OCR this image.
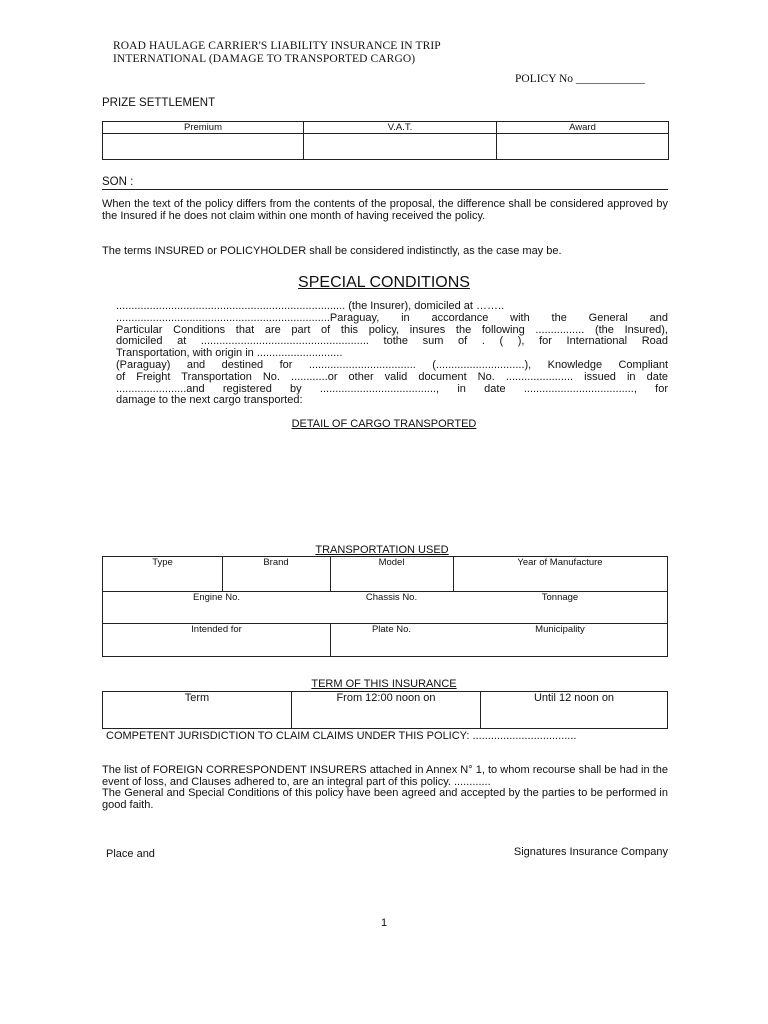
ROAD HAULAGE CARRIER'S LIABILITY INSURANCE IN TRIP
INTERNATIONAL (DAMAGE TO TRANSPORTED CARGO)
POLICY No ____________
PRIZE SETTLEMENT
Premium	V.A.T.	Award

SON :
When the text of the policy differs from the contents of the proposal, the difference shall be considered approved by the Insured if he does not claim within one month of having received the policy.
The terms INSURED or POLICYHOLDER shall be considered indistinctly, as the case may be.
SPECIAL CONDITIONS
........................................................................... (the Insurer), domiciled at ……..
......................................................................Paraguay, in accordance with the General and
Particular Conditions that are part of this policy, insures the following ................ (the Insured),
domiciled at ....................................................... tothe sum of . ( ), for International Road
Transportation, with origin in ............................
(Paraguay) and destined for ................................... (.............................), Knowledge Compliant
of Freight Transportation No. ............or other valid document No. ...................... issued in date
.......................and registered by ......................................, in date ...................................., for
damage to the next cargo transported:
DETAIL OF CARGO TRANSPORTED
TRANSPORTATION USED
Type	Brand	Model	Year of Manufacture
Engine No.	Chassis No.	Tonnage
Intended for	Plate No.	Municipality
TERM OF THIS INSURANCE
Term	From 12:00 noon on	Until 12 noon on
COMPETENT JURISDICTION TO CLAIM CLAIMS UNDER THIS POLICY: ..................................
The list of FOREIGN CORRESPONDENT INSURERS attached in Annex N° 1, to whom recourse shall be had in the event of loss, and Clauses adhered to, are an integral part of this policy. ............
The General and Special Conditions of this policy have been agreed and accepted by the parties to be performed in good faith.
Place and	Signatures Insurance Company
1
